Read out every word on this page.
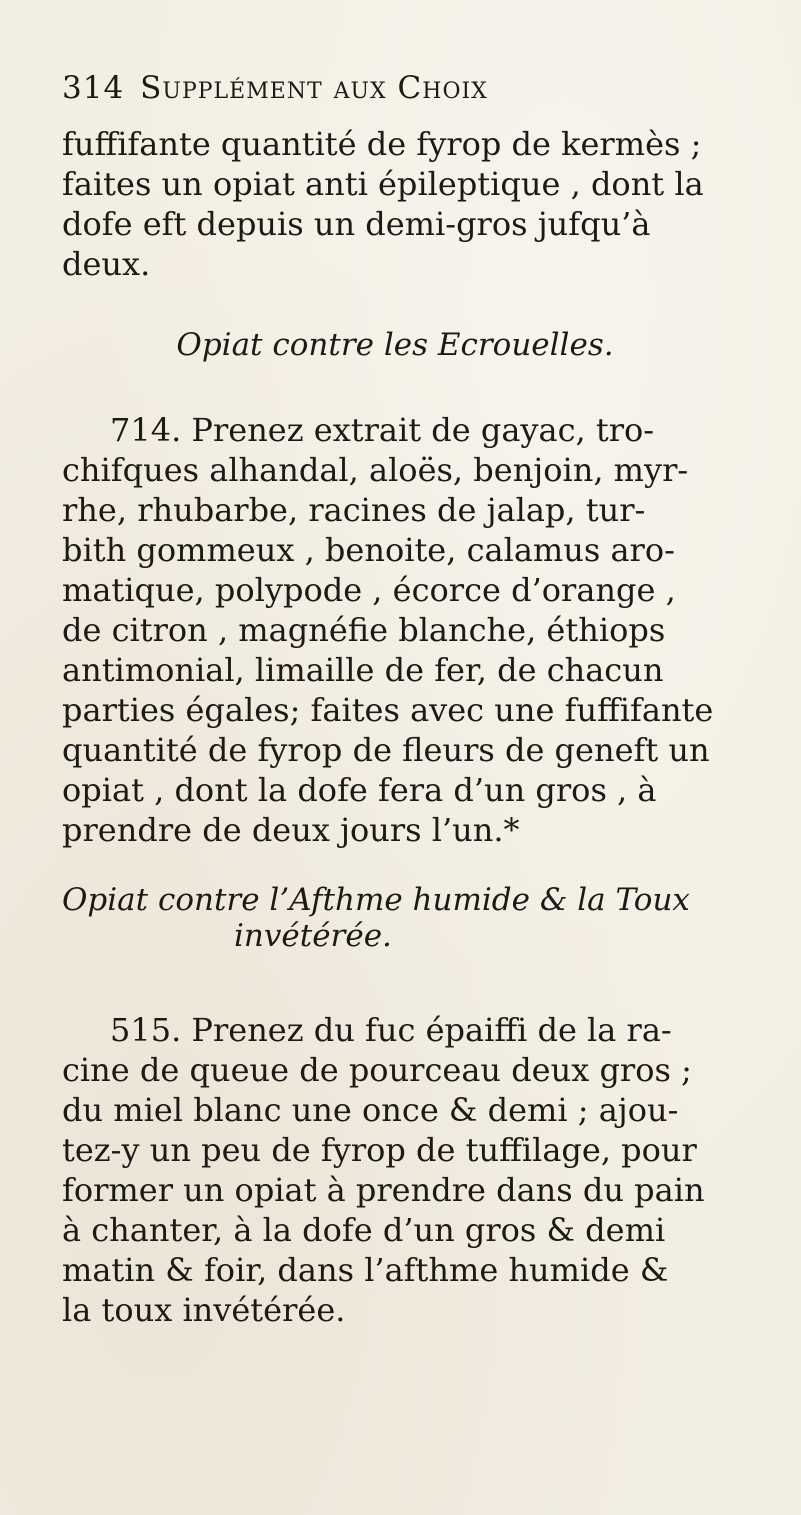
314 Supplément aux Choix

fuffifante quantité de fyrop de kermès ;

faites un opiat anti épileptique , dont la

dofe eft depuis un demi-gros jufqu’à

deux.

Opiat contre les Ecrouelles.

714. Prenez extrait de gayac, tro-

chifques alhandal, aloës, benjoin, myr-

rhe, rhubarbe, racines de jalap, tur-

bith gommeux , benoite, calamus aro-

matique, polypode , écorce d’orange ,

de citron , magnéfie blanche, éthiops

antimonial, limaille de fer, de chacun

parties égales; faites avec une fuffifante

quantité de fyrop de fleurs de geneft un

opiat , dont la dofe fera d’un gros , à

prendre de deux jours l’un.*

Opiat contre l’Afthme humide & la Toux
invétérée.

515. Prenez du fuc épaiffi de la ra-

cine de queue de pourceau deux gros ;

du miel blanc une once & demi ; ajou-

tez-y un peu de fyrop de tuffilage, pour

former un opiat à prendre dans du pain

à chanter, à la dofe d’un gros & demi

matin & foir, dans l’afthme humide &

la toux invétérée.
